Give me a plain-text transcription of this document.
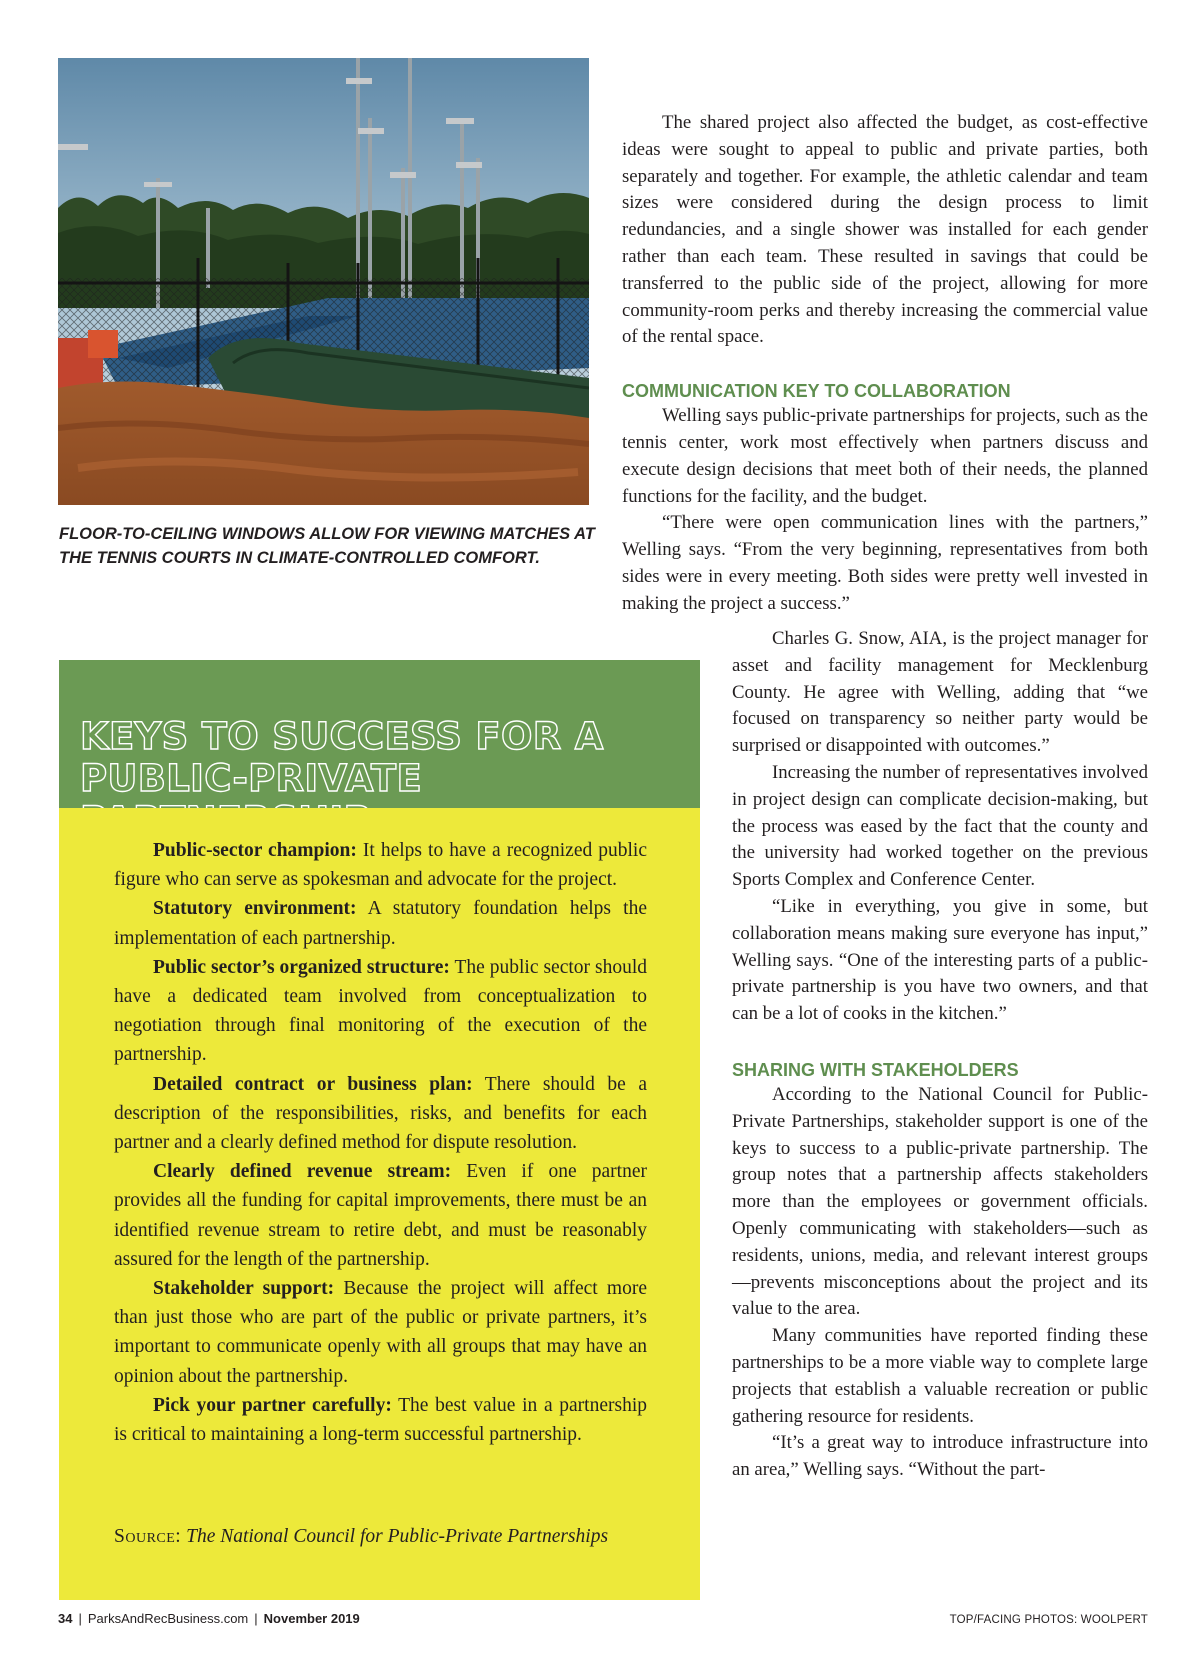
FLOOR-TO-CEILING WINDOWS ALLOW FOR VIEWING MATCHES AT THE TENNIS COURTS IN CLIMATE-CONTROLLED COMFORT.

The shared project also affected the budget, as cost-effective ideas were sought to appeal to public and private parties, both separately and together. For example, the athletic calendar and team sizes were considered during the design process to limit redundancies, and a single shower was installed for each gender rather than each team. These resulted in savings that could be transferred to the public side of the project, allowing for more community-room perks and thereby increasing the commercial value of the rental space.

COMMUNICATION KEY TO COLLABORATION

Welling says public-private partnerships for projects, such as the tennis center, work most effectively when partners discuss and execute design decisions that meet both of their needs, the planned functions for the facility, and the budget.

“There were open communication lines with the partners,” Welling says. “From the very beginning, representatives from both sides were in every meeting. Both sides were pretty well invested in making the project a success.”

Charles G. Snow, AIA, is the project manager for asset and facility management for Mecklenburg County. He agree with Welling, adding that “we focused on transparency so neither party would be surprised or disappointed with outcomes.”

Increasing the number of representatives involved in project design can complicate decision-making, but the process was eased by the fact that the county and the university had worked together on the previous Sports Complex and Conference Center.

“Like in everything, you give in some, but collaboration means making sure everyone has input,” Welling says. “One of the interesting parts of a public-private partnership is you have two owners, and that can be a lot of cooks in the kitchen.”

SHARING WITH STAKEHOLDERS

According to the National Council for Public-Private Partnerships, stakeholder support is one of the keys to success to a public-private partnership. The group notes that a partnership affects stakeholders more than the employees or government officials. Openly communicating with stakeholders—such as residents, unions, media, and relevant interest groups—prevents misconceptions about the project and its value to the area.

Many communities have reported finding these partnerships to be a more viable way to complete large projects that establish a valuable recreation or public gathering resource for residents.

“It’s a great way to introduce infrastructure into an area,” Welling says. “Without the part-

KEYS TO SUCCESS FOR A PUBLIC-PRIVATE

Public-sector champion: It helps to have a recognized public figure who can serve as spokesman and advocate for the project.

Statutory environment: A statutory foundation helps the implementation of each partnership.

Public sector’s organized structure: The public sector should have a dedicated team involved from conceptualization to negotiation through final monitoring of the execution of the partnership.

Detailed contract or business plan: There should be a description of the responsibilities, risks, and benefits for each partner and a clearly defined method for dispute resolution.

Clearly defined revenue stream: Even if one partner provides all the funding for capital improvements, there must be an identified revenue stream to retire debt, and must be reasonably assured for the length of the partnership.

Stakeholder support: Because the project will affect more than just those who are part of the public or private partners, it’s important to communicate openly with all groups that may have an opinion about the partnership.

Pick your partner carefully: The best value in a partnership is critical to maintaining a long-term successful partnership.

Source: The National Council for Public-Private Partnerships

34 | ParksAndRecBusiness.com | November 2019	TOP/FACING PHOTOS: WOOLPERT
